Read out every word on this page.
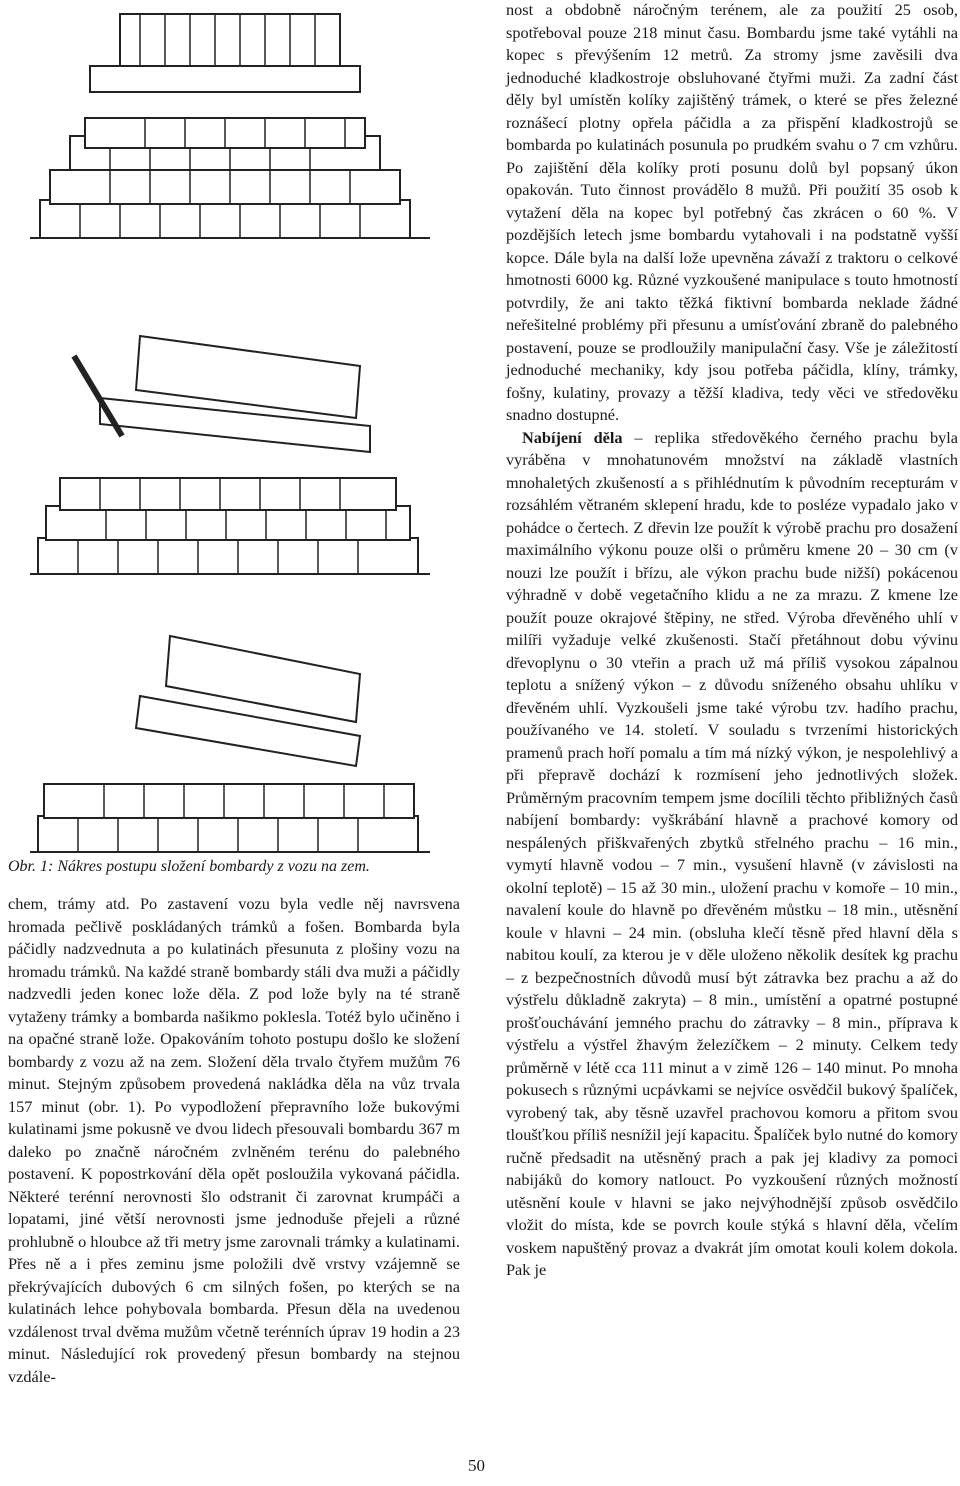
Obr. 1: Nákres postupu složení bombardy z vozu na zem.

chem, trámy atd. Po zastavení vozu byla vedle něj navrsvena hromada pečlivě poskládaných trámků a fošen. Bombarda byla páčidly nadzvednuta a po kulatinách přesunuta z plošiny vozu na hromadu trámků. Na každé straně bombardy stáli dva muži a páčidly nadzvedli jeden konec lože děla. Z pod lože byly na té straně vytaženy trámky a bombarda našikmo poklesla. Totéž bylo učiněno i na opačné straně lože. Opakováním tohoto postupu došlo ke složení bombardy z vozu až na zem. Složení děla trvalo čtyřem mužům 76 minut. Stejným způsobem provedená nakládka děla na vůz trvala 157 minut (obr. 1). Po vypodložení přepravního lože bukovými kulatinami jsme pokusně ve dvou lidech přesouvali bombardu 367 m daleko po značně náročném zvlněném terénu do palebného postavení. K popostrkování děla opět posloužila vykovaná páčidla. Některé terénní nerovnosti šlo odstranit či zarovnat krumpáči a lopatami, jiné větší nerovnosti jsme jednoduše přejeli a různé prohlubně o hloubce až tři metry jsme zarovnali trámky a kulatinami. Přes ně a i přes zeminu jsme položili dvě vrstvy vzájemně se překrývajících dubových 6 cm silných fošen, po kterých se na kulatinách lehce pohybovala bombarda. Přesun děla na uvedenou vzdálenost trval dvěma mužům včetně terénních úprav 19 hodin a 23 minut. Následující rok provedený přesun bombardy na stejnou vzdále-

nost a obdobně náročným terénem, ale za použití 25 osob, spotřeboval pouze 218 minut času. Bombardu jsme také vytáhli na kopec s převýšením 12 metrů. Za stromy jsme zavěsili dva jednoduché kladkostroje obsluhované čtyřmi muži. Za zadní část děly byl umístěn kolíky zajištěný trámek, o které se přes železné roznášecí plotny opřela páčidla a za přispění kladkostrojů se bombarda po kulatinách posunula po prudkém svahu o 7 cm vzhůru. Po zajištění děla kolíky proti posunu dolů byl popsaný úkon opakován. Tuto činnost provádělo 8 mužů. Při použití 35 osob k vytažení děla na kopec byl potřebný čas zkrácen o 60 %. V pozdějších letech jsme bombardu vytahovali i na podstatně vyšší kopce. Dále byla na další lože upevněna závaží z traktoru o celkové hmotnosti 6000 kg. Různé vyzkoušené manipulace s touto hmotností potvrdily, že ani takto těžká fiktivní bombarda neklade žádné neřešitelné problémy při přesunu a umísťování zbraně do palebného postavení, pouze se prodloužily manipulační časy. Vše je záležitostí jednoduché mechaniky, kdy jsou potřeba páčidla, klíny, trámky, fošny, kulatiny, provazy a těžší kladiva, tedy věci ve středověku snadno dostupné.

Nabíjení děla – replika středověkého černého prachu byla vyráběna v mnohatunovém množství na základě vlastních mnohaletých zkušeností a s přihlédnutím k původním recepturám v rozsáhlém větraném sklepení hradu, kde to posléze vypadalo jako v pohádce o čertech. Z dřevin lze použít k výrobě prachu pro dosažení maximálního výkonu pouze olši o průměru kmene 20 – 30 cm (v nouzi lze použít i břízu, ale výkon prachu bude nižší) pokácenou výhradně v době vegetačního klidu a ne za mrazu. Z kmene lze použít pouze okrajové štěpiny, ne střed. Výroba dřevěného uhlí v milíři vyžaduje velké zkušenosti. Stačí přetáhnout dobu vývinu dřevoplynu o 30 vteřin a prach už má příliš vysokou zápalnou teplotu a snížený výkon – z důvodu sníženého obsahu uhlíku v dřevěném uhlí. Vyzkoušeli jsme také výrobu tzv. hadího prachu, používaného ve 14. století. V souladu s tvrzeními historických pramenů prach hoří pomalu a tím má nízký výkon, je nespolehlivý a při přepravě dochází k rozmísení jeho jednotlivých složek. Průměrným pracovním tempem jsme docílili těchto přibližných časů nabíjení bombardy: vyškrábání hlavně a prachové komory od nespálených přiškvařených zbytků střelného prachu – 16 min., vymytí hlavně vodou – 7 min., vysušení hlavně (v závislosti na okolní teplotě) – 15 až 30 min., uložení prachu v komoře – 10 min., navalení koule do hlavně po dřevěném můstku – 18 min., utěsnění koule v hlavni – 24 min. (obsluha klečí těsně před hlavní děla s nabitou koulí, za kterou je v děle uloženo několik desítek kg prachu – z bezpečnostních důvodů musí být zátravka bez prachu a až do výstřelu důkladně zakryta) – 8 min., umístění a opatrné postupné prošťouchávání jemného prachu do zátravky – 8 min., příprava k výstřelu a výstřel žhavým železíčkem – 2 minuty. Celkem tedy průměrně v létě cca 111 minut a v zimě 126 – 140 minut. Po mnoha pokusech s různými ucpávkami se nejvíce osvědčil bukový špalíček, vyrobený tak, aby těsně uzavřel prachovou komoru a přitom svou tloušťkou příliš nesnížil její kapacitu. Špalíček bylo nutné do komory ručně předsadit na utěsněný prach a pak jej kladivy za pomoci nabijáků do komory natlouct. Po vyzkoušení různých možností utěsnění koule v hlavni se jako nejvýhodnější způsob osvědčilo vložit do místa, kde se povrch koule stýká s hlavní děla, včelím voskem napuštěný provaz a dvakrát jím omotat kouli kolem dokola. Pak je

50
